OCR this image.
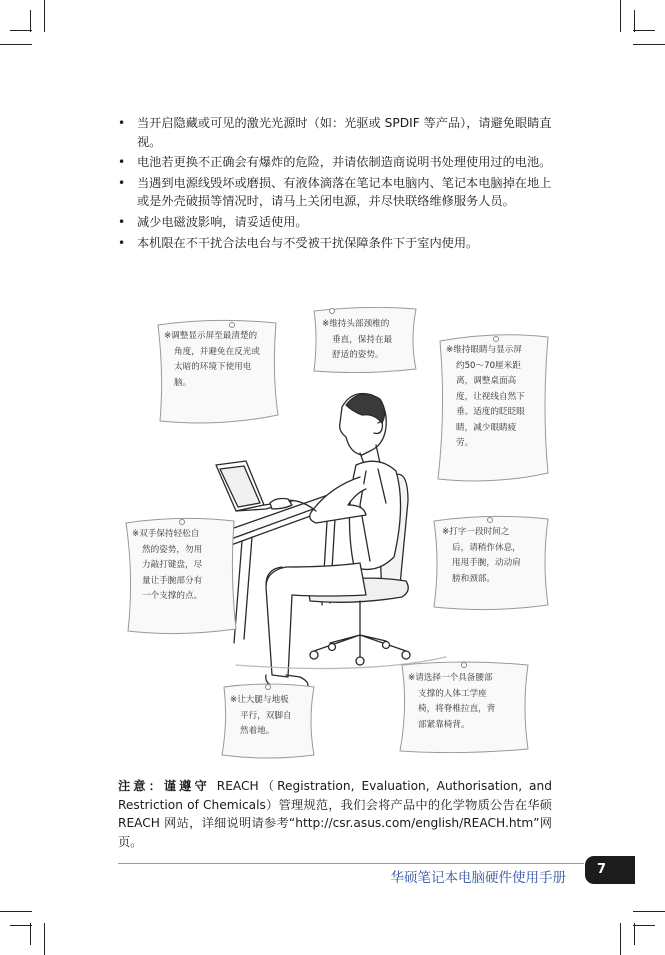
• 当开启隐藏或可见的激光光源时（如：光驱或 SPDIF 等产品），请避免眼睛直视。
• 电池若更换不正确会有爆炸的危险，并请依制造商说明书处理使用过的电池。
• 当遇到电源线毁坏或磨损、有液体滴落在笔记本电脑内、笔记本电脑掉在地上或是外壳破损等情况时，请马上关闭电源，并尽快联络维修服务人员。
• 减少电磁波影响，请妥适使用。
• 本机限在不干扰合法电台与不受被干扰保障条件下于室内使用。
※调整显示屏至最清楚的
角度，并避免在反光或
太暗的环境下使用电
脑。
※维持头部颈椎的
垂直，保持在最
舒适的姿势。	※维持眼睛与显示屏
约50～70厘米距
离，调整桌面高
度，让视线自然下
垂。适度的眨眨眼
睛，减少眼睛疲
劳。
※双手保持轻松自
然的姿势，勿用
力敲打键盘，尽
量让手腕部分有
一个支撑的点。
※打字一段时间之
后，请稍作休息，
甩甩手腕，动动肩
膀和颈部。
※请选择一个具备腰部
支撑的人体工学座
椅，将脊椎拉直，背
部紧靠椅背。
※让大腿与地板
平行，双脚自
然着地。
注意：谨遵守 REACH（Registration, Evaluation, Authorisation, and Restriction of Chemicals）管理规范，我们会将产品中的化学物质公告在华硕 REACH 网站，详细说明请参考“http://csr.asus.com/english/REACH.htm”网页。
华硕笔记本电脑硬件使用手册
7
